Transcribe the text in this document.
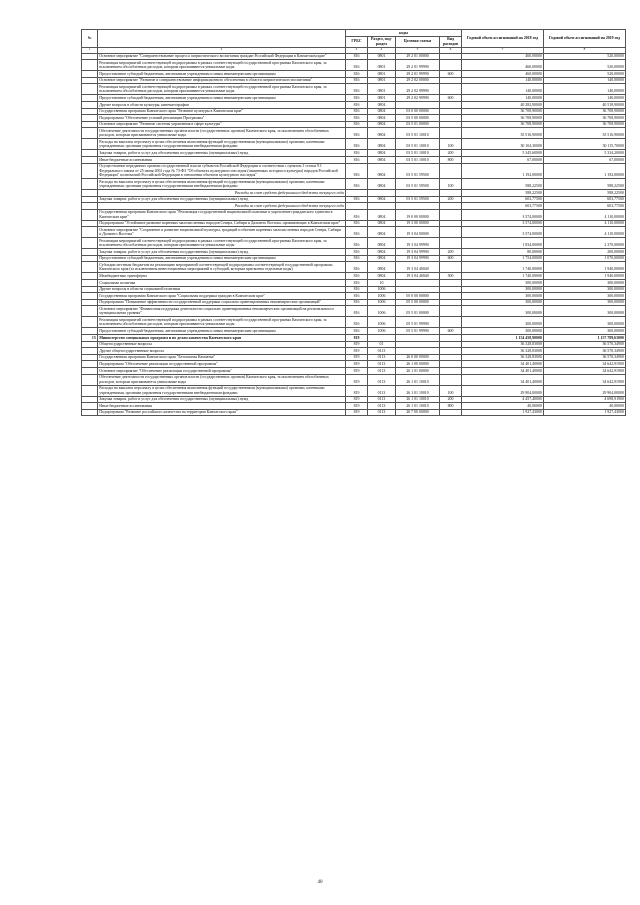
№		коды				Годовой объем ассигнований на 2018 год	Годовой объем ассигнований на 2019 год
		ГРБС	Раздел, под-раздел	Целевая статья	Вид расходов		
1	2	3	4	5	6	7	8
	Основное мероприятие "Совершенствование процесса патриотического воспитания граждан Российской Федерации в Камчатском крае"	816	0801	29 2 01 00000		460,00000	520,00000
	Реализация мероприятий соответствующей подпрограммы в рамках соответствующей государственной программы Камчатского края, за исключением обособленных расходов, которым присваиваются уникальные коды	816	0801	29 2 01 99990		460,00000	520,00000
	Предоставление субсидий бюджетным, автономным учреждениям и иным некоммерческим организациям	816	0801	29 2 01 99990	600	460,00000	520,00000
	Основное мероприятие "Развитие и совершенствование информационного обеспечения в области патриотического воспитания"	816	0801	29 2 02 00000		140,00000	140,00000
	Реализация мероприятий соответствующей подпрограммы в рамках соответствующей государственной программы Камчатского края, за исключением обособленных расходов, которым присваиваются уникальные коды	816	0801	29 2 02 99990		140,00000	140,00000
	Предоставление субсидий бюджетным, автономным учреждениям и иным некоммерческим организациям	816	0801	29 2 02 99990	600	140,00000	140,00000
	Другие вопросы в области культуры, кинематографии	816	0804			40 282,90000	40 518,90000
	Государственная программа Камчатского края "Развитие культуры в Камчатском крае"	816	0804	03 0 00 00000		36 708,90000	36 708,90000
	Подпрограмма "Обеспечение условий реализации Программы"	816	0804	03 5 00 00000		36 708,90000	36 708,90000
	Основное мероприятие "Развитие системы управления в сфере культуры"	816	0804	03 5 01 00000		36 708,90000	36 708,90000
	Обеспечение деятельности государственных органов власти (государственных органов) Камчатского края, за исключением обособленных расходов, которым присваиваются уникальные коды	816	0804	03 5 01 10010		35 516,90000	35 516,90000
	Расходы на выплаты персоналу в целях обеспечения выполнения функций государственными (муниципальными) органами, казенными учреждениями, органами управления государственными внебюджетными фондами	816	0804	03 5 01 10010	100	30 104,30000	30 115,70000
	Закупка товаров, работ и услуг для обеспечения государственных (муниципальных) нужд	816	0804	03 5 01 10010	200	5 345,60000	5 334,20000
	Иные бюджетные ассигнования	816	0804	03 5 01 10010	800	67,00000	67,00000
	Осуществление переданных органам государственной власти субъектов Российской Федерации в соответствии с пунктом 1 статьи 9.1 Федерального закона от 25 июня 2002 года № 73-ФЗ "Об объектах культурного наследия (памятниках истории и культуры) народов Российской Федерации" полномочий Российской Федерации в отношении объектов культурного наследия"	816	0804	03 5 01 59500		1 192,00000	1 192,00000
	Расходы на выплаты персоналу в целях обеспечения выполнения функций государственными (муниципальными) органами, казенными учреждениями, органами управления государственными внебюджетными фондами	816	0804	03 5 01 59500	100	588,22500	588,22500
	Расходы за счет средств федерального бюджета текущего года					588,22500	588,22500
	Закупка товаров, работ и услуг для обеспечения государственных (муниципальных) нужд	816	0804	03 5 01 59500	200	603,77500	603,77500
	Расходы за счет средств федерального бюджета текущего года					603,77500	603,77500
	Государственная программа Камчатского края "Реализация государственной национальной политики и укрепление гражданского единства в Камчатском крае"	816	0804	19 0 00 00000		3 574,00000	4 110,00000
	Подпрограмма "Устойчивое развитие коренных малочисленных народов Севера, Сибири и Дальнего Востока, проживающих в Камчатском крае"	816	0804	19 3 00 00000		3 574,00000	4 110,00000
	Основное мероприятие "Сохранение и развитие национальной культуры, традиций и обычаев коренных малочисленных народов Севера, Сибири и Дальнего Востока"	816	0804	19 3 04 00000		3 574,00000	4 110,00000
	Реализация мероприятий соответствующей подпрограммы в рамках соответствующей государственной программы Камчатского края, за исключением обособленных расходов, которым присваиваются уникальные коды	816	0804	19 3 04 99990		1 834,00000	2 370,00000
	Закупка товаров, работ и услуг для обеспечения государственных (муниципальных) нужд	816	0804	19 3 04 99990	200	80,00000	200,00000
	Предоставление субсидий бюджетным, автономным учреждениям и иным некоммерческим организациям	816	0804	19 3 04 99990	600	1 754,00000	1 070,00000
	Субсидии местным бюджетам на реализацию мероприятий соответствующей подпрограммы соответствующей государственной программы Камчатского края (за исключением инвестиционных мероприятий и субсидий, которым присвоены отдельные коды)	816	0804	19 3 04 40040		1 740,00000	1 940,00000
	Межбюджетные трансферты	816	0804	19 3 04 40040	500	1 740,00000	1 940,00000
	Социальная политика	816	10			300,00000	300,00000
	Другие вопросы в области социальной политики	816	1006			300,00000	300,00000
	Государственная программа Камчатского края "Социальная поддержка граждан в Камчатском крае"	816	1006	05 0 00 00000		300,00000	300,00000
	Подпрограмма "Повышение эффективности государственной поддержки социально ориентированных некоммерческих организаций"	816	1006	05 5 00 00000		300,00000	300,00000
	Основное мероприятие "Финансовая поддержка деятельности социально ориентированных некоммерческих организаций на региональном и муниципальном уровнях"	816	1006	05 5 01 00000		300,00000	300,00000
	Реализация мероприятий соответствующей подпрограммы в рамках соответствующей государственной программы Камчатского края, за исключением обособленных расходов, которым присваиваются уникальные коды	816	1006	05 5 01 99990		300,00000	300,00000
	Предоставление субсидий бюджетным, автономным учреждениям и иным некоммерческим организациям	816	1006	05 5 01 99990	600	300,00000	300,00000
15	Министерство специальных программ и по делам казачества Камчатского края	819				1 154 458,90000	1 157 789,63000
	Общегосударственные вопросы	819	01			36 328,83000	36 570,34900
	Другие общегосударственные вопросы	819	0113			36 328,83000	36 570,34900
	Государственная программа Камчатского края "Безопасная Камчатка"	819	0113	26 0 00 00000		36 328,83000	36 570,34900
	Подпрограмма "Обеспечение реализации государственной программы"	819	0113	26 1 00 00000		34 401,40000	34 642,91900
	Основное мероприятие "Обеспечение реализации государственной программы"	819	0113	26 1 01 00000		34 401,40000	34 642,91900
	Обеспечение деятельности государственных органов власти (государственных органов) Камчатского края, за исключением обособленных расходов, которым присваиваются уникальные коды	819	0113	26 1 01 10010		34 401,40000	34 642,91900
	Расходы на выплаты персоналу в целях обеспечения выполнения функций государственными (муниципальными) органами, казенными учреждениями, органами управления государственными внебюджетными фондами	819	0113	26 1 01 10010	100	29 904,00000	29 904,00000
	Закупка товаров, работ и услуг для обеспечения государственных (муниципальных) нужд	819	0113	26 1 01 10010	200	4 457,40000	4 698,91900
	Иные бюджетные ассигнования	819	0113	26 1 01 10010	800	40,00000	40,00000
	Подпрограмма "Развитие российского казачества на территории Камчатского края"	819	0113	26 7 00 00000		1 927,43000	1 927,43000
40
